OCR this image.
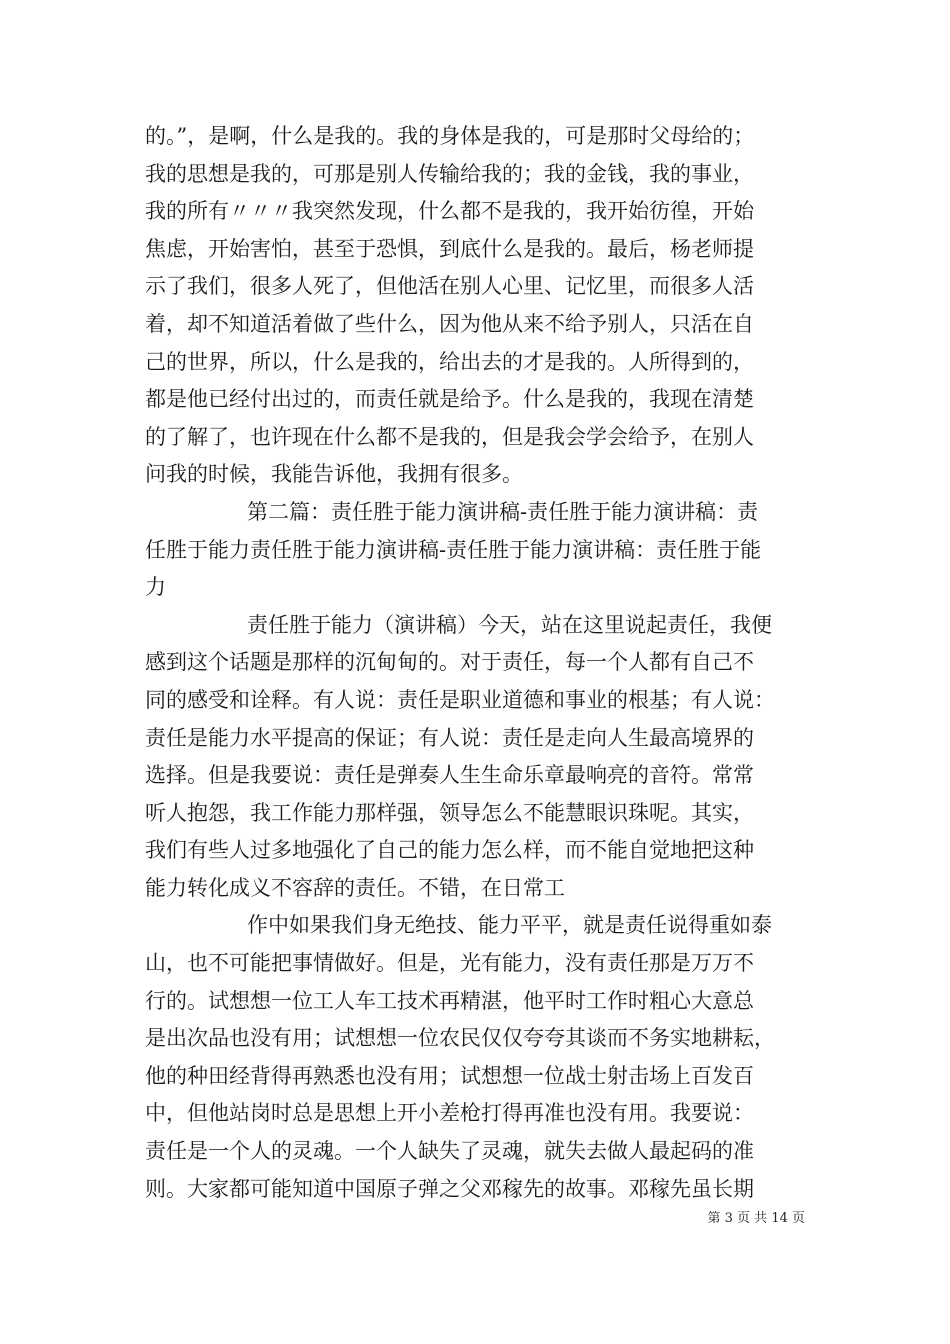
的。”，是啊，什么是我的。我的身体是我的，可是那时父母给的；
我的思想是我的，可那是别人传输给我的；我的金钱，我的事业，
我的所有〃〃〃我突然发现，什么都不是我的，我开始彷徨，开始
焦虑，开始害怕，甚至于恐惧，到底什么是我的。最后，杨老师提
示了我们，很多人死了，但他活在别人心里、记忆里，而很多人活
着，却不知道活着做了些什么，因为他从来不给予别人，只活在自
己的世界，所以，什么是我的，给出去的才是我的。人所得到的，
都是他已经付出过的，而责任就是给予。什么是我的，我现在清楚
的了解了，也许现在什么都不是我的，但是我会学会给予，在别人
问我的时候，我能告诉他，我拥有很多。
第二篇：责任胜于能力演讲稿-责任胜于能力演讲稿：责
任胜于能力责任胜于能力演讲稿-责任胜于能力演讲稿：责任胜于能
力
责任胜于能力（演讲稿）今天，站在这里说起责任，我便
感到这个话题是那样的沉甸甸的。对于责任，每一个人都有自己不
同的感受和诠释。有人说：责任是职业道德和事业的根基；有人说：
责任是能力水平提高的保证；有人说：责任是走向人生最高境界的
选择。但是我要说：责任是弹奏人生生命乐章最响亮的音符。常常
听人抱怨，我工作能力那样强，领导怎么不能慧眼识珠呢。其实，
我们有些人过多地强化了自己的能力怎么样，而不能自觉地把这种
能力转化成义不容辞的责任。不错，在日常工
作中如果我们身无绝技、能力平平，就是责任说得重如泰
山，也不可能把事情做好。但是，光有能力，没有责任那是万万不
行的。试想想一位工人车工技术再精湛，他平时工作时粗心大意总
是出次品也没有用；试想想一位农民仅仅夸夸其谈而不务实地耕耘，
他的种田经背得再熟悉也没有用；试想想一位战士射击场上百发百
中，但他站岗时总是思想上开小差枪打得再准也没有用。我要说：
责任是一个人的灵魂。一个人缺失了灵魂，就失去做人最起码的准
则。大家都可能知道中国原子弹之父邓稼先的故事。邓稼先虽长期
第 3 页 共 14 页
